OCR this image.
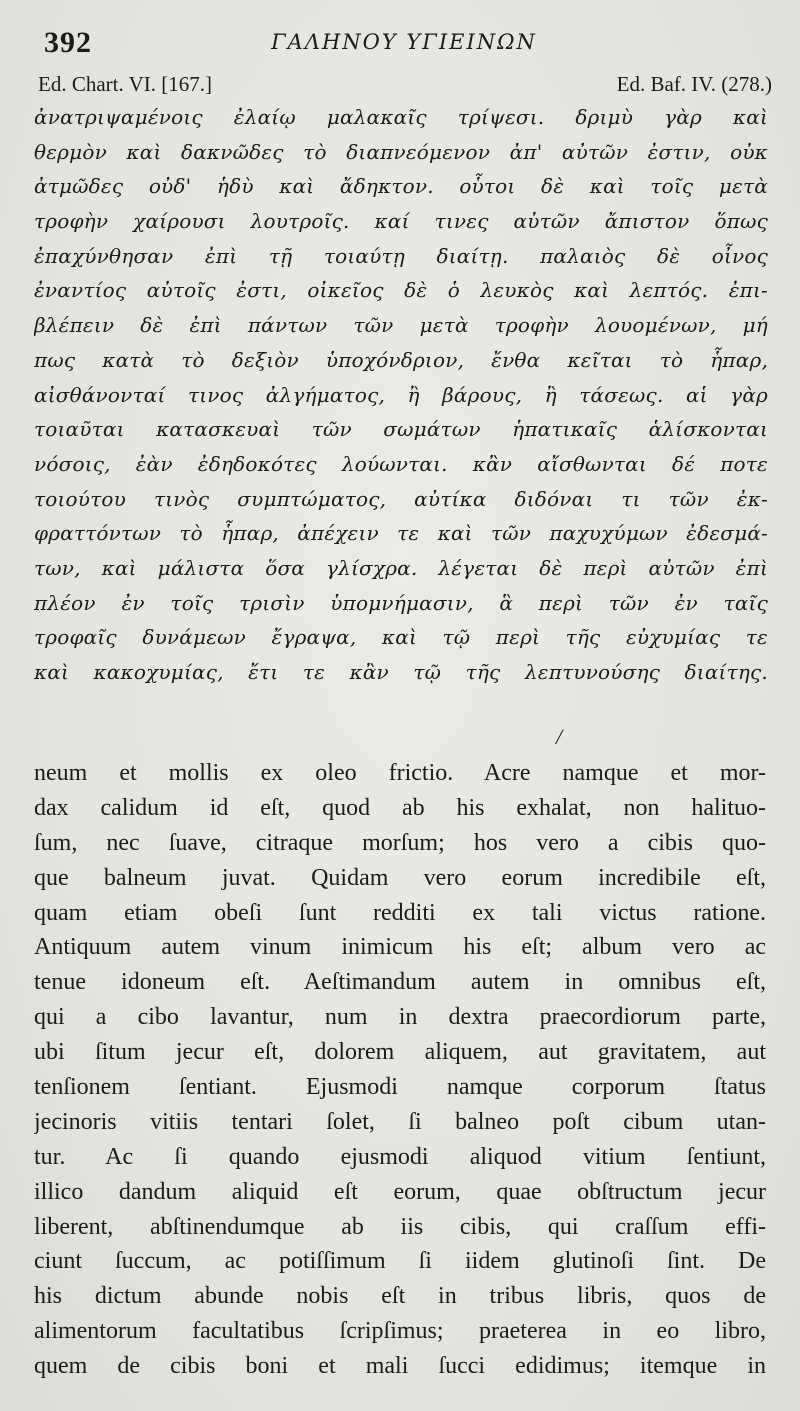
392	ΓΑΛΗΝΟΥ ΥΓΙΕΙΝΩΝ
Ed. Chart. VI. [167.]	Ed. Baf. IV. (278.)
ἀνατριψαμένοις ἐλαίῳ μαλακαῖς τρίψεσι. δριμὺ γὰρ καὶ
θερμὸν καὶ δακνῶδες τὸ διαπνεόμενον ἀπ' αὐτῶν ἐστιν, οὐκ
ἀτμῶδες οὐδ' ἡδὺ καὶ ἄδηκτον. οὗτοι δὲ καὶ τοῖς μετὰ
τροφὴν χαίρουσι λουτροῖς. καί τινες αὐτῶν ἄπιστον ὅπως
ἐπαχύνθησαν ἐπὶ τῇ τοιαύτῃ διαίτῃ. παλαιὸς δὲ οἶνος
ἐναντίος αὐτοῖς ἐστι, οἰκεῖος δὲ ὁ λευκὸς καὶ λεπτός. ἐπι-
βλέπειν δὲ ἐπὶ πάντων τῶν μετὰ τροφὴν λουομένων, μή
πως κατὰ τὸ δεξιὸν ὑποχόνδριον, ἔνθα κεῖται τὸ ἧπαρ,
αἰσθάνονταί τινος ἀλγήματος, ἢ βάρους, ἢ τάσεως. αἱ γὰρ
τοιαῦται κατασκευαὶ τῶν σωμάτων ἡπατικαῖς ἁλίσκονται
νόσοις, ἐὰν ἐδηδοκότες λούωνται. κἂν αἴσθωνται δέ ποτε
τοιούτου τινὸς συμπτώματος, αὐτίκα διδόναι τι τῶν ἐκ-
φραττόντων τὸ ἧπαρ, ἀπέχειν τε καὶ τῶν παχυχύμων ἐδεσμά-
των, καὶ μάλιστα ὅσα γλίσχρα. λέγεται δὲ περὶ αὐτῶν ἐπὶ
πλέον ἐν τοῖς τρισὶν ὑπομνήμασιν, ἃ περὶ τῶν ἐν ταῖς
τροφαῖς δυνάμεων ἔγραψα, καὶ τῷ περὶ τῆς εὐχυμίας τε
καὶ κακοχυμίας, ἔτι τε κἂν τῷ τῆς λεπτυνούσης διαίτης.
/
neum et mollis ex oleo frictio. Acre namque et mor-
dax calidum id eſt, quod ab his exhalat, non halituo-
ſum, nec ſuave, citraque morſum; hos vero a cibis quo-
que balneum juvat. Quidam vero eorum incredibile eſt,
quam etiam obeſi ſunt redditi ex tali victus ratione.
Antiquum autem vinum inimicum his eſt; album vero ac
tenue idoneum eſt. Aeſtimandum autem in omnibus eſt,
qui a cibo lavantur, num in dextra praecordiorum parte,
ubi ſitum jecur eſt, dolorem aliquem, aut gravitatem, aut
tenſionem ſentiant. Ejusmodi namque corporum ſtatus
jecinoris vitiis tentari ſolet, ſi balneo poſt cibum utan-
tur. Ac ſi quando ejusmodi aliquod vitium ſentiunt,
illico dandum aliquid eſt eorum, quae obſtructum jecur
liberent, abſtinendumque ab iis cibis, qui craſſum effi-
ciunt ſuccum, ac potiſſimum ſi iidem glutinoſi ſint. De
his dictum abunde nobis eſt in tribus libris, quos de
alimentorum facultatibus ſcripſimus; praeterea in eo libro,
quem de cibis boni et mali ſucci edidimus; itemque in
